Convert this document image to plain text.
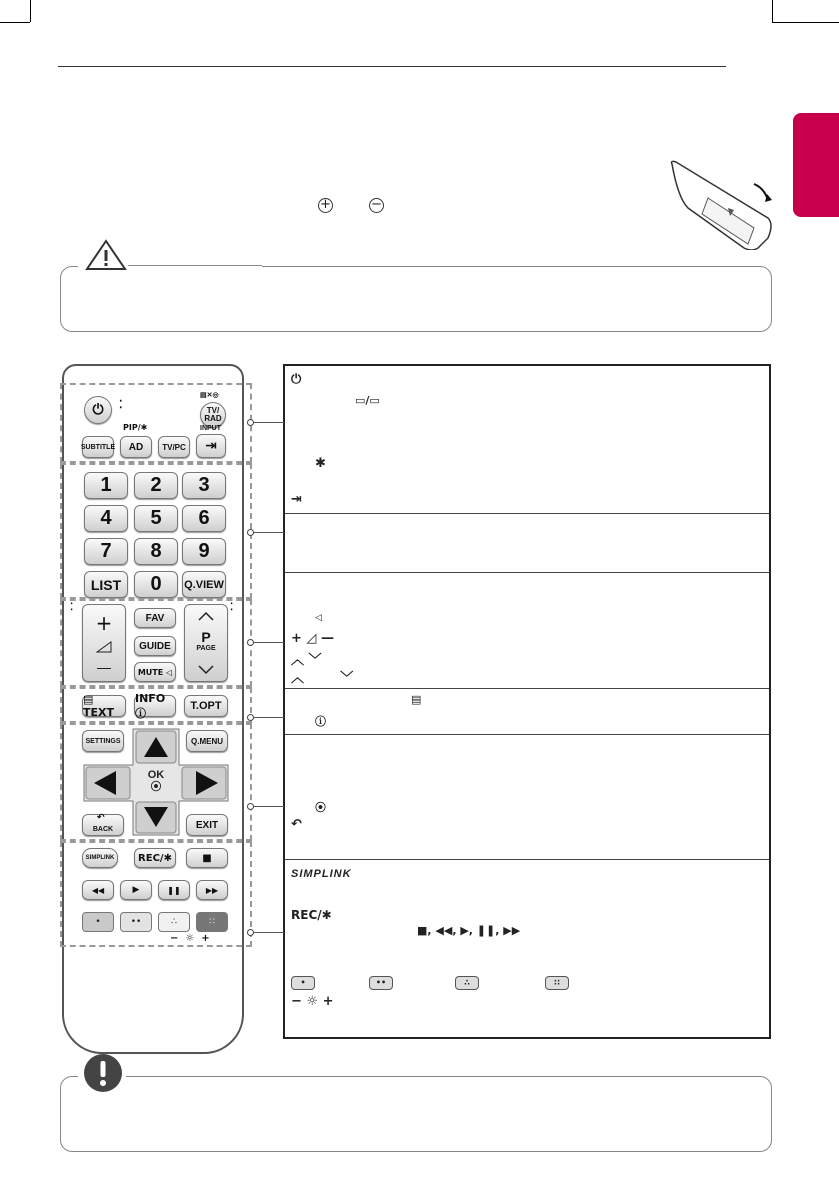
+	−
⏻	⁚	TV/
RAD
▤✕◎
PIP/✱	INPUT
SUBTITLE	AD	TV/PC	⇥
1	2	3
4	5	6
7	8	9
LIST	0	Q.VIEW
⁚	⁚
+
—
FAV
GUIDE
MUTE ◁
P
PAGE
▤ TEXT
INFO ⓘ
T.OPT
SETTINGS	Q.MENU
OK
⦿
BACK
↶
EXIT
SIMPLINK	REC/✱	■
◀◀	▶	❚❚	▶▶
•	••	∴	∷
−  ☼  +
⏻
▭/▭
✱
⇥
◁
+ ◿ —
︿ ﹀
︿        ﹀
▤
ⓘ
⦿
↶
SIMPLINK
REC/✱
■, ◀◀, ▶, ❚❚, ▶▶
•	••	∴	∷
− ☼ +
